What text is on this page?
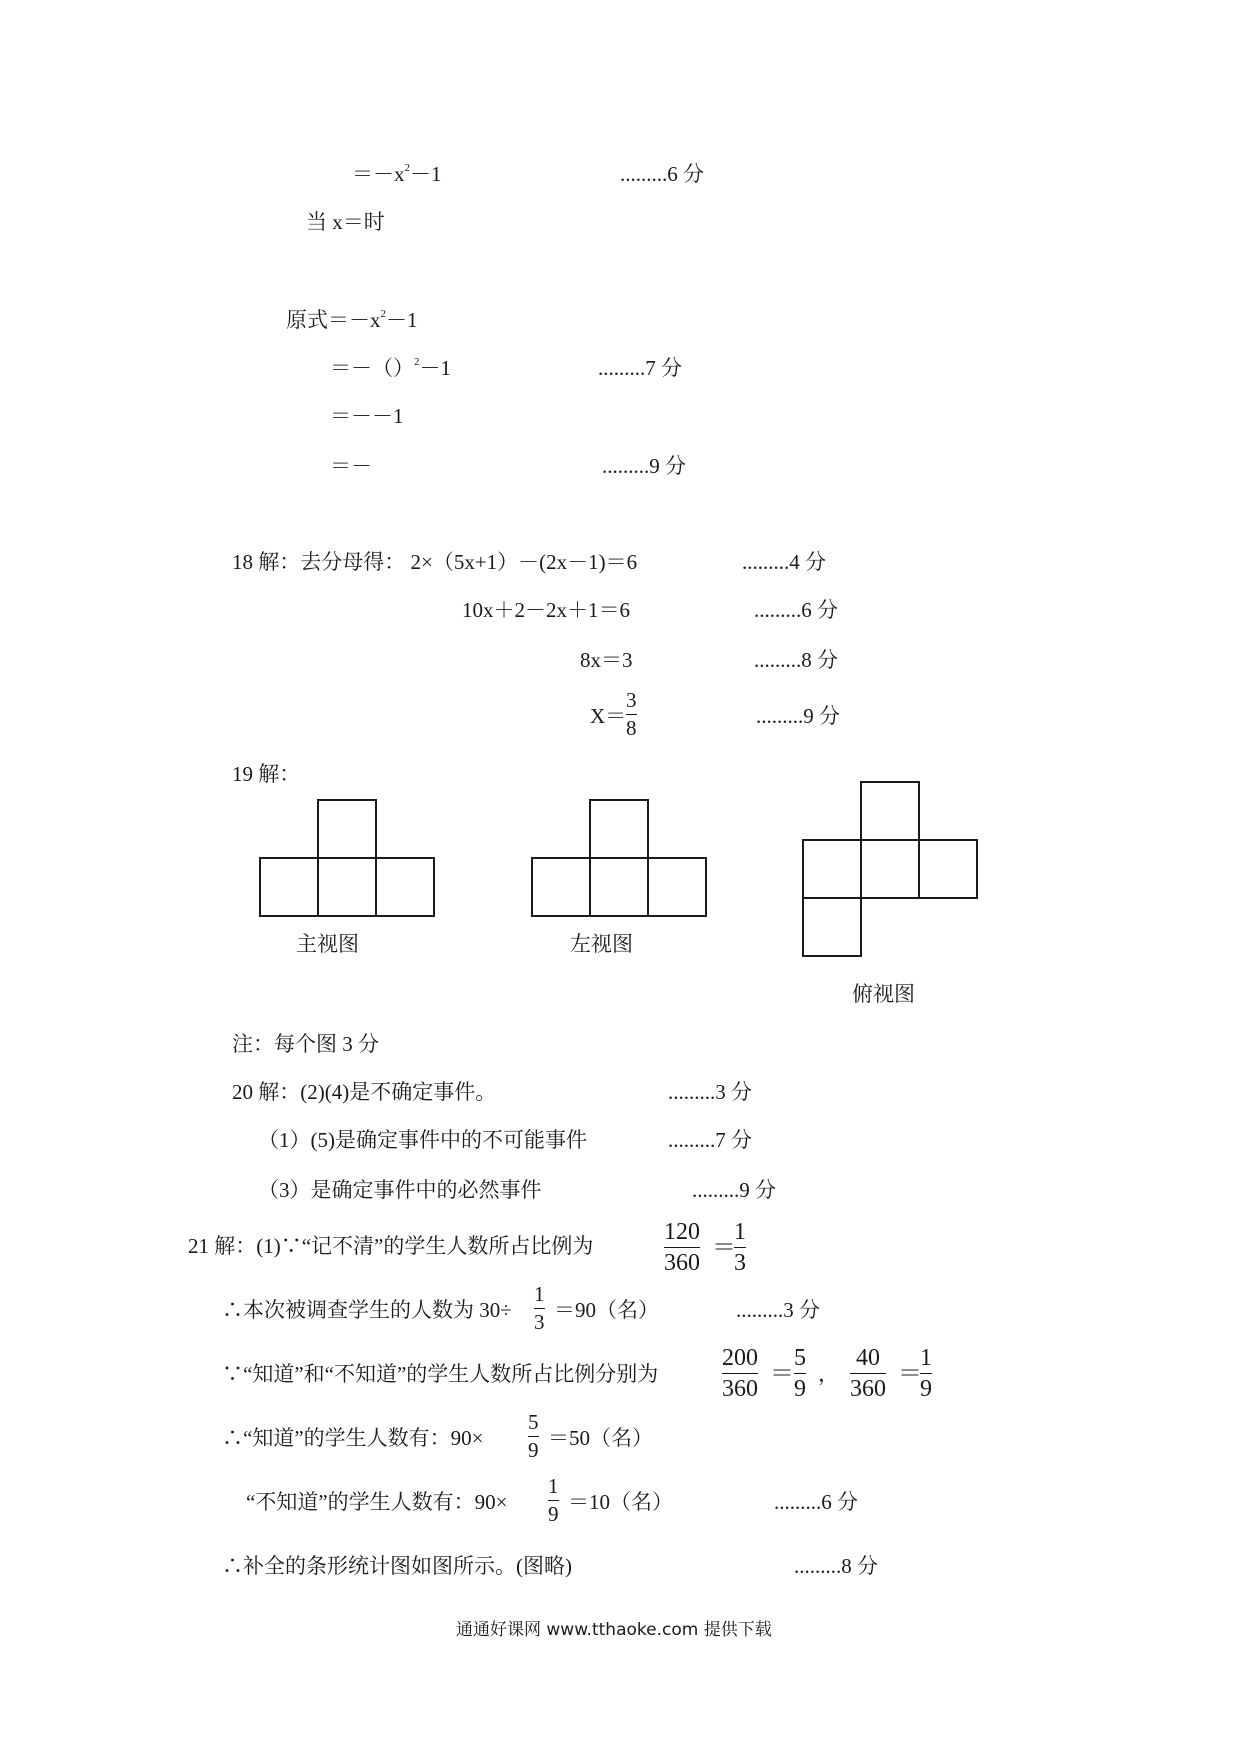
$=-x^2-1$	.........6 分
当 x＝时
原式$=-x^2-1$
＝－（）$^2$－1	.........7 分
＝－－1
＝－	.........9 分
18 解：去分母得： 2×（5x+1）－(2x－1)＝6	.........4 分
10x＋2－2x＋1＝6	.........6 分
8x＝3	.........8 分
X＝
3
8	.........9 分
19 解：
主视图	左视图
俯视图
注：每个图 3 分
20 解：(2)(4)是不确定事件。	.........3 分
（1）(5)是确定事件中的不可能事件	.........7 分
（3）是确定事件中的必然事件	.........9 分
21 解：(1)∵“记不清”的学生人数所占比例为
120
360
＝
1
3
∴本次被调查学生的人数为 30÷
1
3 ＝90（名）	.........3 分
∵“知道”和“不知道”的学生人数所占比例分别为
200
360
＝
5
9
，
40
360
＝
1
9
∴“知道”的学生人数有：90×
5
9 ＝50（名）
“不知道”的学生人数有：90×
1
9 ＝10（名）	.........6 分
∴补全的条形统计图如图所示。(图略)	.........8 分
通通好课网 www.tthaoke.com 提供下载
